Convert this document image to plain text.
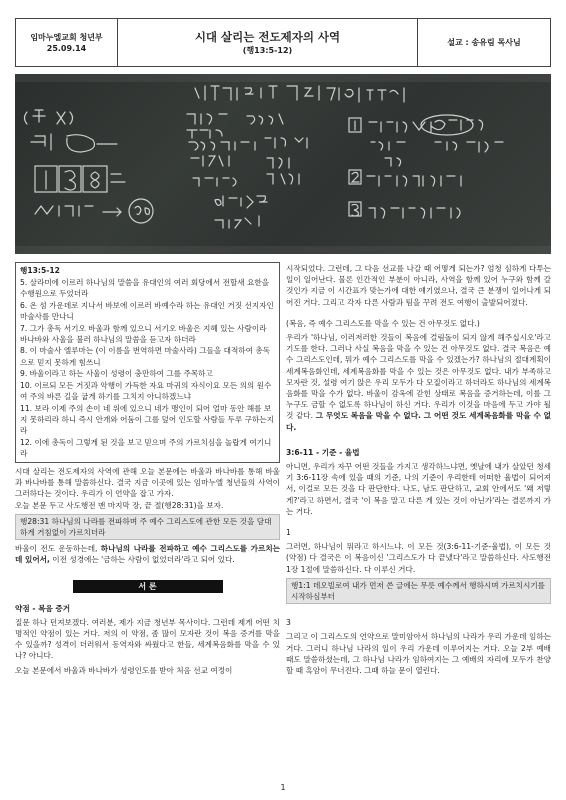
임마누엘교회 청년부
25.09.14
시대 살리는 전도제자의 사역
(행13:5-12)
설교 : 송유림 목사님

행13:5-12

5. 살라미에 이르러 하나님의 말씀을 유대인의 여러 회당에서 전할새 요한을 수행원으로 두었더라

6. 온 섬 가운데로 지나서 바보에 이르러 바예수라 하는 유대인 거짓 선지자인 마술사를 만나니

7. 그가 총독 서기오 바울과 함께 있으니 서기오 바울은 지혜 있는 사람이라 바나바와 사울을 불러 하나님의 말씀을 듣고자 하더라

8. 이 마술사 엘루마는 (이 이름을 번역하면 마술사라) 그들을 대적하여 총독으로 믿지 못하게 힘쓰니

9. 바울이라고 하는 사울이 성령이 충만하여 그를 주목하고

10. 이르되 모든 거짓과 악행이 가득한 자요 마귀의 자식이요 모든 의의 원수여 주의 바른 길을 굽게 하기를 그치지 아니하겠느냐

11. 보라 이제 주의 손이 네 위에 있으니 네가 맹인이 되어 얼마 동안 해를 보지 못하리라 하니 즉시 안개와 어둠이 그를 덮어 인도할 사람들 두루 구하는지라

12. 이에 총독이 그렇게 된 것을 보고 믿으며 주의 가르치심을 놀랍게 여기니라

시대 살리는 전도제자의 사역에 관해 오늘 본문에는 바울과 바나바를 통해 바울과 바나바를 통해 말씀하신다. 결국 지금 이곳에 있는 임마누엘 청년들의 사역이 그러하다는 것이다. 우리가 이 언약을 잡고 가자.

오늘 본문 두고 사도행전 맨 마지막 장, 끝 절(행28:31)을 보자.

행28:31 하나님의 나라를 전파하며 주 예수 그리스도에 관한 모든 것을 담대하게 거침없이 가르치더라

바울이 전도 운동하는데, 하나님의 나라를 전파하고 예수 그리스도를 가르치는 데 있어서, 이전 성경에는 '금하는 사람이 없었더라'라고 되어 있다.

서 론

약점 - 복음 증거

질문 하나 던져보겠다. 여러분, 제가 지금 청년부 목사이다. 그런데 제게 어떤 치명적인 약점이 있는 거다. 저의 이 약점, 좀 많이 모자란 것이 복음 증거를 막을 수 있을까? 성격이 더러워서 동역자와 싸웠다고 한들, 세계복음화를 막을 수 있나? 아니다.

오늘 본문에서 바울과 바나바가 성령인도를 받아 처음 선교 여정이

시작되었다. 그런데, 그 다음 선교를 나갈 때 어떻게 되는가? 엄청 심하게 다투는 일이 일어난다. 물론 인간적인 부분이 아니라, 사역을 함께 있어 누구와 함께 갈 것인가 지금 이 시간표가 맞는가에 대한 얘기였으나, 결국 큰 분쟁이 일어나게 되어진 거다. 그리고 각자 다른 사람과 팀을 꾸려 전도 여행이 출발되어졌다.

(복음, 즉 예수 그리스도를 막을 수 있는 건 아무것도 없다.)

우리가 '하나님, 이러저러한 것들이 복음에 걸림돌이 되지 않게 해주십시오'라고 기도를 한다. 그러나 사실 복음을 막을 수 있는 건 아무것도 없다. 결국 복음은 예수 그리스도인데, 뭐가 예수 그리스도를 막을 수 있겠는가? 하나님의 절대계획이 세계복음화인데, 세계복음화를 막을 수 있는 것은 아무것도 없다. 내가 부족하고 모자란 것, 설령 여기 앉은 우리 모두가 다 모질이라고 하더라도 하나님의 세계복음화를 막을 수가 없다. 바울이 감옥에 갇힌 상태로 복음을 증거하는데, 이를 그 누구도 금할 수 없도록 하나님이 하신 거다. 우리가 이것을 마음에 두고 가야 될 것 같다. 그 무엇도 복음을 막을 수 없다. 그 어떤 것도 세계복음화를 막을 수 없다.

3:6-11 - 기준 - 율법

아니면, 우리가 자꾸 어떤 것들을 가지고 생각하느냐면, 옛날에 내가 살았던 청세기 3:6-11장 속에 있을 때의 기준, 나의 기준이 우리한테 어떠한 율법이 되어져서, 이걸로 모든 것을 다 판단한다. 나도, 남도 판단하고, 교회 안에서도 '왜 저렇게?'라고 하면서, 결국 '이 복음 말고 다른 게 있는 것이 아닌가'라는 결론까지 가는 거다.

1

그러면, 하나님이 뭐라고 하시느냐. 이 모든 것(3:6-11-기준-율법), 이 모든 것(약점) 다 결국은 이 복음이신 '그리스도가 다 끝냈다'라고 말씀하신다. 사도행전 1장 1절에 말씀하신다. 다 이루신 거다.

행1:1 데오빌로여 내가 먼저 쓴 글에는 무릇 예수께서 행하시며 가르치시기를 시작하심부터

3

그리고 이 그리스도의 언약으로 말미암아서 하나님의 나라가 우리 가운데 임하는 거다. 그러니 하나님 나라의 일이 우리 가운데 이루어지는 거다. 오늘 2부 예배 때도 말씀하셨는데, 그 하나님 나라가 임하여지는 그 예배의 자리에 모두가 찬양할 때 흑암이 무너진다. 그때 하늘 문이 열린다.

1
